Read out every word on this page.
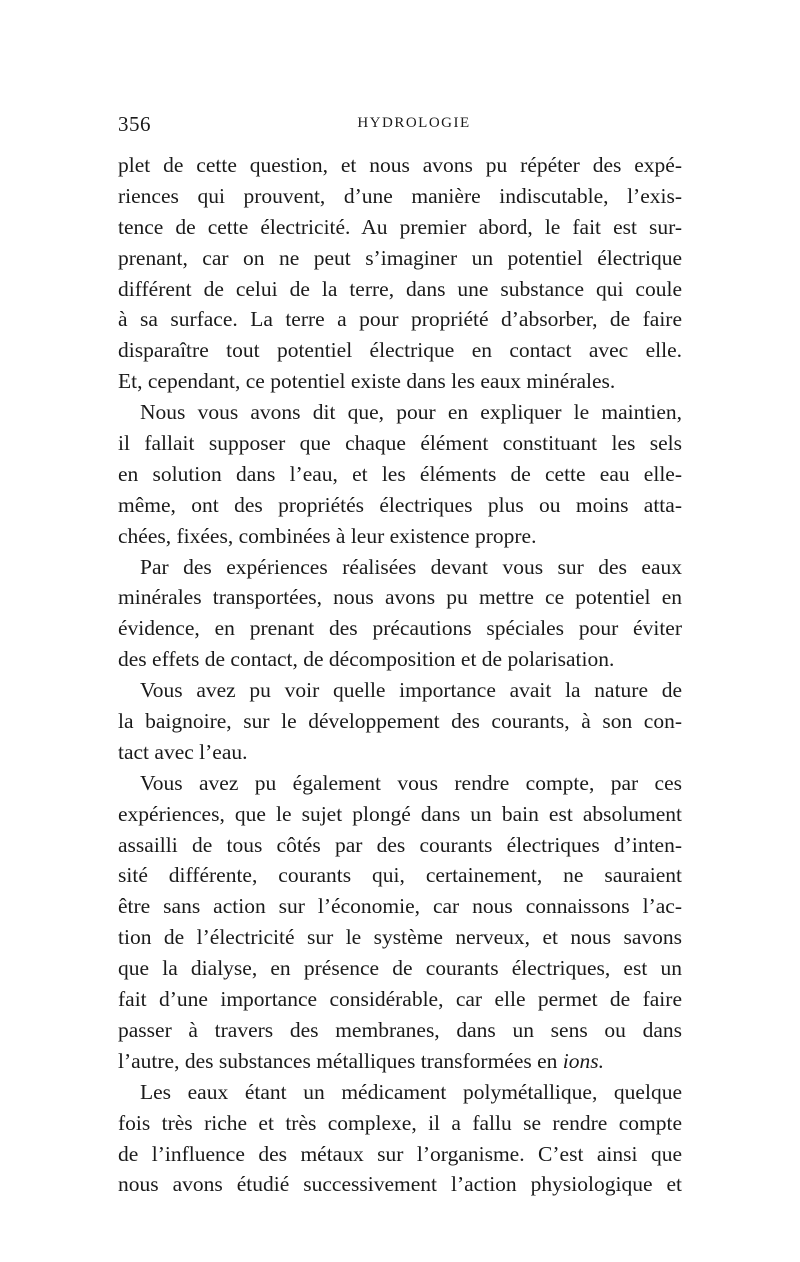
356	HYDROLOGIE
plet de cette question, et nous avons pu répéter des expé-
riences qui prouvent, d’une manière indiscutable, l’exis-
tence de cette électricité. Au premier abord, le fait est sur-
prenant, car on ne peut s’imaginer un potentiel électrique
différent de celui de la terre, dans une substance qui coule
à sa surface. La terre a pour propriété d’absorber, de faire
disparaître tout potentiel électrique en contact avec elle.
Et, cependant, ce potentiel existe dans les eaux minérales.
Nous vous avons dit que, pour en expliquer le maintien,
il fallait supposer que chaque élément constituant les sels
en solution dans l’eau, et les éléments de cette eau elle-
même, ont des propriétés électriques plus ou moins atta-
chées, fixées, combinées à leur existence propre.
Par des expériences réalisées devant vous sur des eaux
minérales transportées, nous avons pu mettre ce potentiel en
évidence, en prenant des précautions spéciales pour éviter
des effets de contact, de décomposition et de polarisation.
Vous avez pu voir quelle importance avait la nature de
la baignoire, sur le développement des courants, à son con-
tact avec l’eau.
Vous avez pu également vous rendre compte, par ces
expériences, que le sujet plongé dans un bain est absolument
assailli de tous côtés par des courants électriques d’inten-
sité différente, courants qui, certainement, ne sauraient
être sans action sur l’économie, car nous connaissons l’ac-
tion de l’électricité sur le système nerveux, et nous savons
que la dialyse, en présence de courants électriques, est un
fait d’une importance considérable, car elle permet de faire
passer à travers des membranes, dans un sens ou dans
l’autre, des substances métalliques transformées en ions.
Les eaux étant un médicament polymétallique, quelque
fois très riche et très complexe, il a fallu se rendre compte
de l’influence des métaux sur l’organisme. C’est ainsi que
nous avons étudié successivement l’action physiologique et
